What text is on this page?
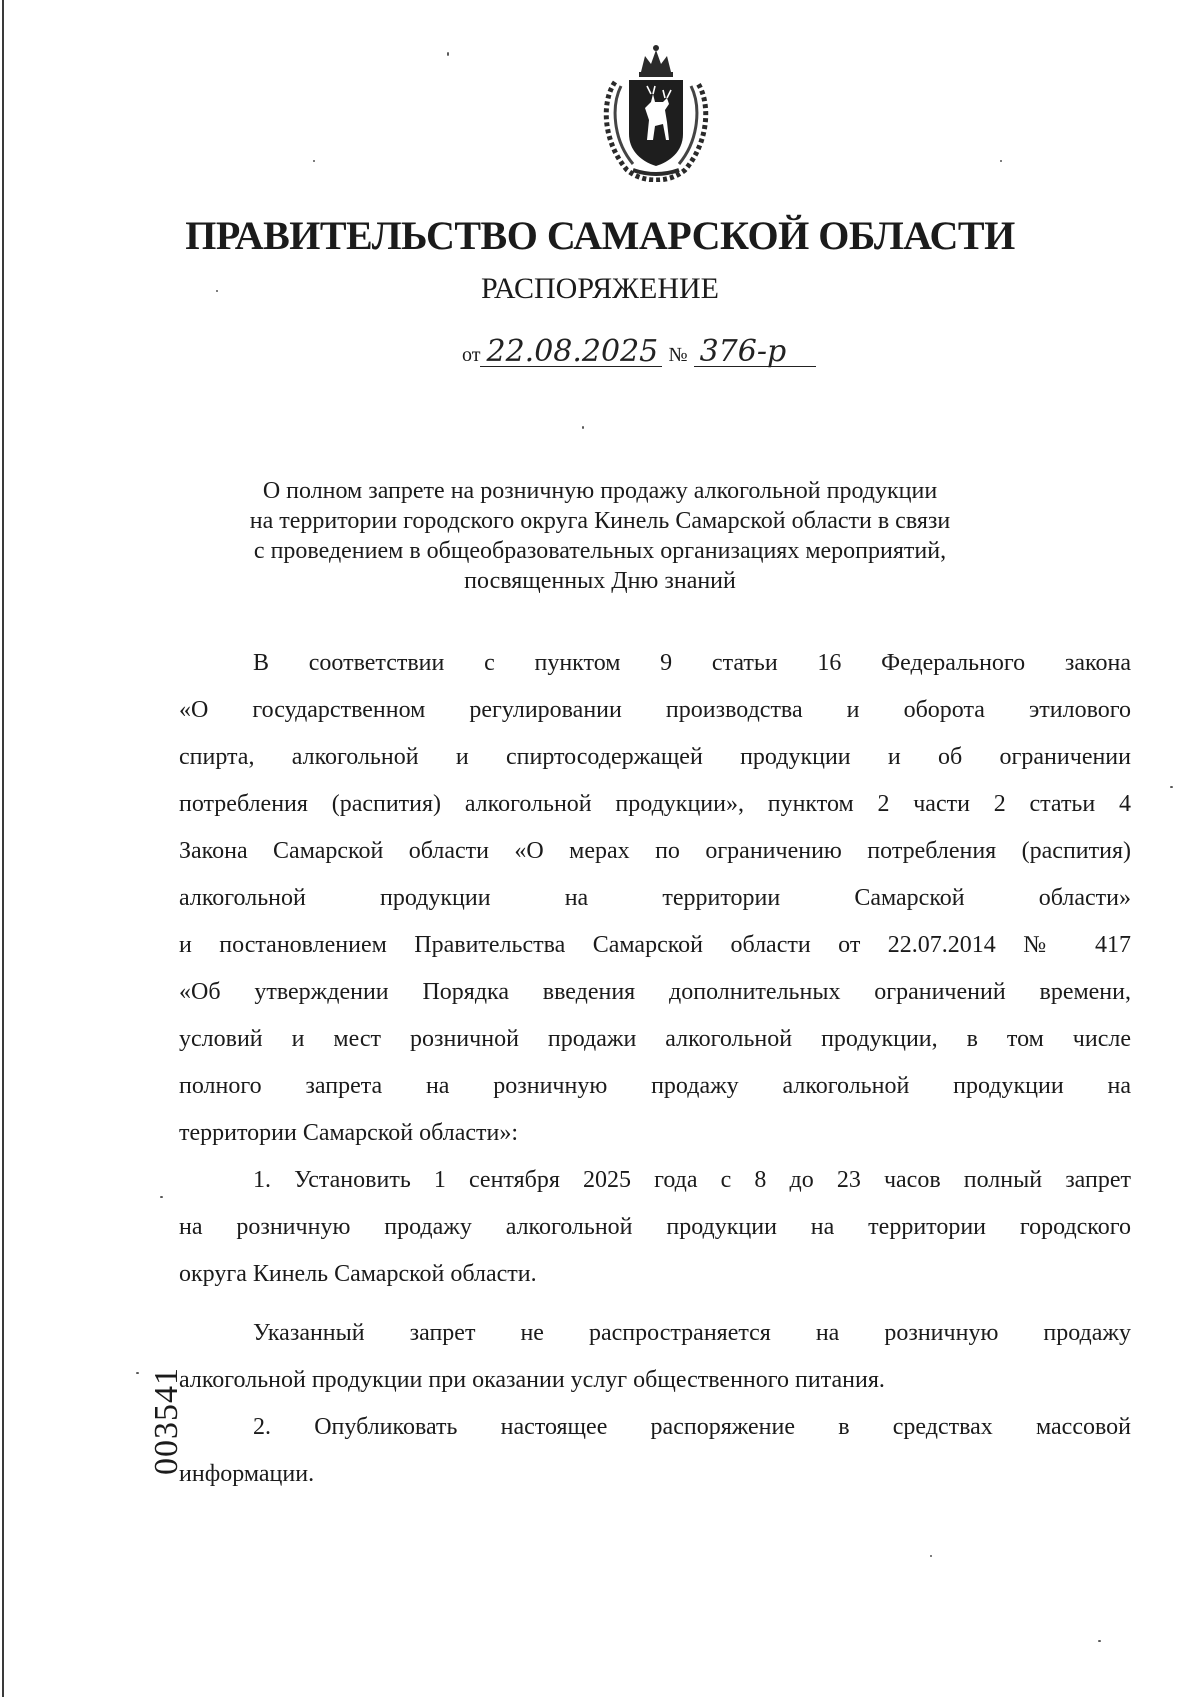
ПРАВИТЕЛЬСТВО САМАРСКОЙ ОБЛАСТИ
РАСПОРЯЖЕНИЕ
от 22.08.2025 № 376-р
О полном запрете на розничную продажу алкогольной продукции
на территории городского округа Кинель Самарской области в связи
с проведением в общеобразовательных организациях мероприятий,
посвященных Дню знаний

В соответствии с пунктом 9 статьи 16 Федерального закона
«О государственном регулировании производства и оборота этилового
спирта, алкогольной и спиртосодержащей продукции и об ограничении
потребления (распития) алкогольной продукции», пунктом 2 части 2 статьи 4
Закона Самарской области «О мерах по ограничению потребления (распития)
алкогольной продукции на территории Самарской области»
и постановлением Правительства Самарской области от 22.07.2014 № 417
«Об утверждении Порядка введения дополнительных ограничений времени,
условий и мест розничной продажи алкогольной продукции, в том числе
полного запрета на розничную продажу алкогольной продукции на
территории Самарской области»:

1. Установить 1 сентября 2025 года с 8 до 23 часов полный запрет
на розничную продажу алкогольной продукции на территории городского
округа Кинель Самарской области.

Указанный запрет не распространяется на розничную продажу
алкогольной продукции при оказании услуг общественного питания.

2. Опубликовать настоящее распоряжение в средствах массовой
информации.

003541
